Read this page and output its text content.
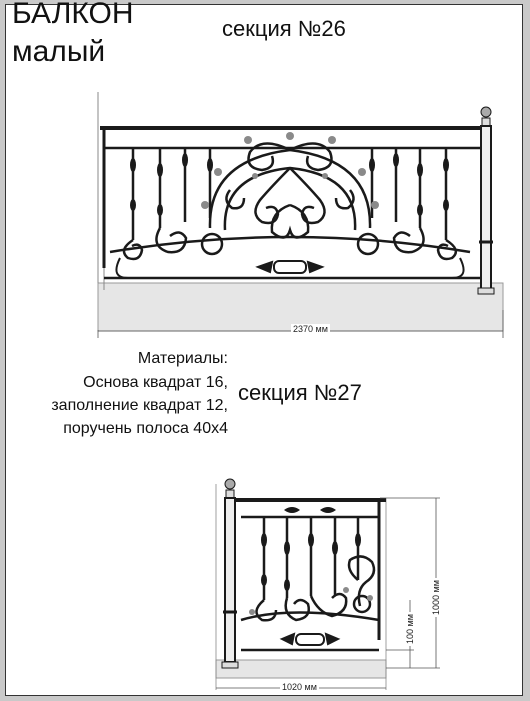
БАЛКОН
малый
секция №26
2370 мм
Материалы:
Основа квадрат 16,
заполнение квадрат 12,
поручень полоса 40х4
секция №27
1020 мм
1000 мм
100 мм
